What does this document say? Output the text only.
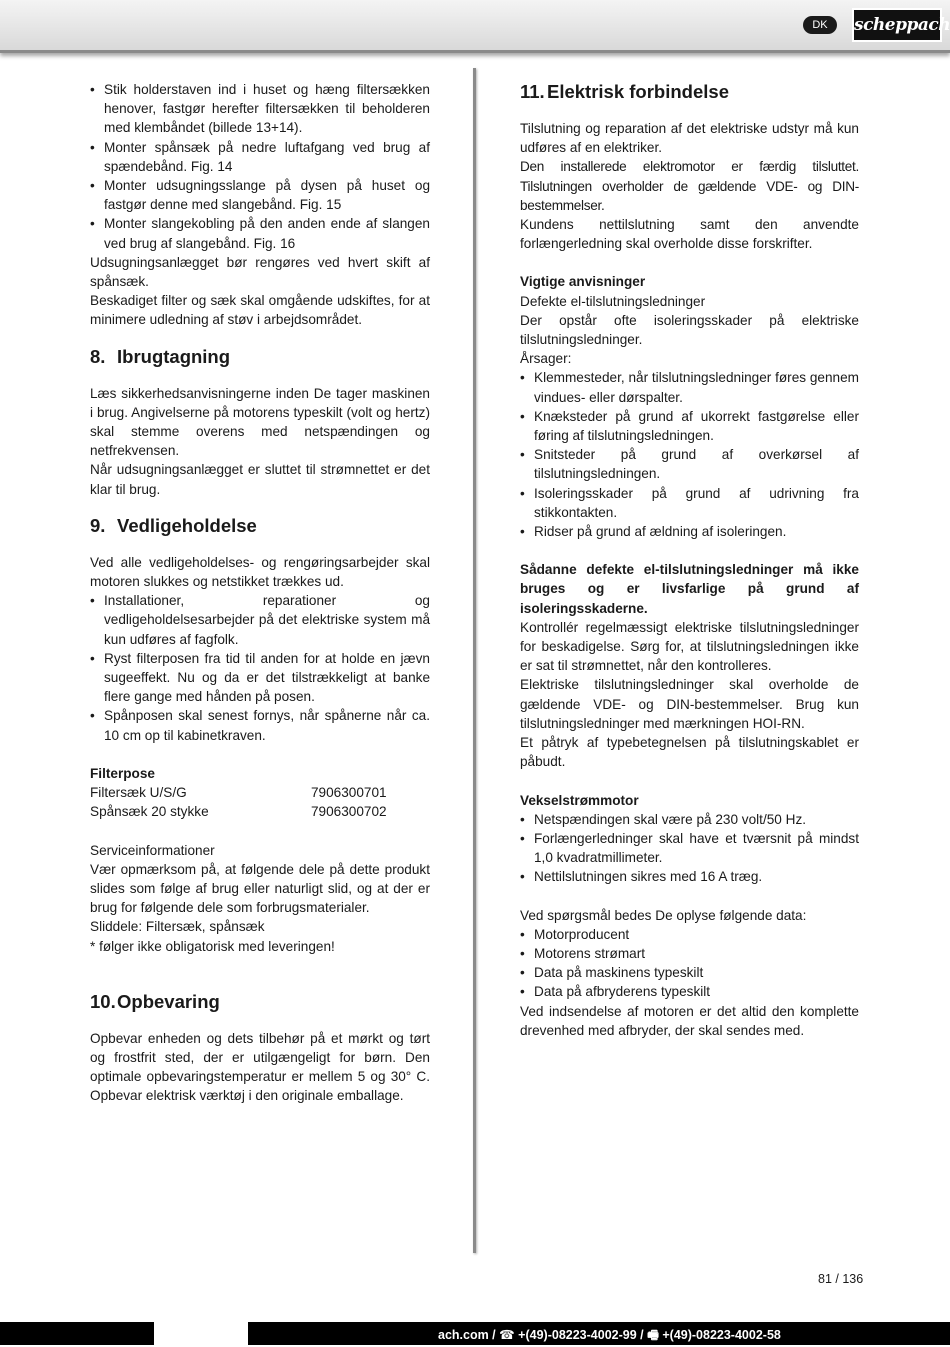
DK	scheppach
• Stik holderstaven ind i huset og hæng filtersækken henover, fastgør herefter filtersækken til beholderen med klembåndet (billede 13+14).
• Monter spånsæk på nedre luftafgang ved brug af spændebånd. Fig. 14
• Monter udsugningsslange på dysen på huset og fastgør denne med slangebånd. Fig. 15
• Monter slangekobling på den anden ende af slangen ved brug af slangebånd. Fig. 16

Udsugningsanlægget bør rengøres ved hvert skift af spånsæk.

Beskadiget filter og sæk skal omgående udskiftes, for at minimere udledning af støv i arbejdsområdet.

8. Ibrugtagning

Læs sikkerhedsanvisningerne inden De tager maskinen i brug. Angivelserne på motorens typeskilt (volt og hertz) skal stemme overens med netspændingen og netfrekvensen.

Når udsugningsanlægget er sluttet til strømnettet er det klar til brug.

9. Vedligeholdelse

Ved alle vedligeholdelses- og rengøringsarbejder skal motoren slukkes og netstikket trækkes ud.

• Installationer, reparationer og vedligeholdelsesarbejder på det elektriske system må kun udføres af fagfolk.
• Ryst filterposen fra tid til anden for at holde en jævn sugeeffekt. Nu og da er det tilstrækkeligt at banke flere gange med hånden på posen.
• Spånposen skal senest fornys, når spånerne når ca. 10 cm op til kabinetkraven.

Filterpose

Filtersæk U/S/G	7906300701
Spånsæk 20 stykke	7906300702

Serviceinformationer

Vær opmærksom på, at følgende dele på dette produkt slides som følge af brug eller naturligt slid, og at der er brug for følgende dele som forbrugsmaterialer.

Sliddele: Filtersæk, spånsæk

* følger ikke obligatorisk med leveringen!

10.Opbevaring

Opbevar enheden og dets tilbehør på et mørkt og tørt og frostfrit sted, der er utilgængeligt for børn. Den optimale opbevaringstemperatur er mellem 5 og 30° C. Opbevar elektrisk værktøj i den originale emballage.

11. Elektrisk forbindelse

Tilslutning og reparation af det elektriske udstyr må kun udføres af en elektriker.

Den installerede elektromotor er færdig tilsluttet. Tilslutningen overholder de gældende VDE- og DIN-bestemmelser.

Kundens nettilslutning samt den anvendte forlængerledning skal overholde disse forskrifter.

Vigtige anvisninger

Defekte el-tilslutningsledninger

Der opstår ofte isoleringsskader på elektriske tilslutningsledninger.

Årsager:

• Klemmesteder, når tilslutningsledninger føres gennem vindues- eller dørspalter.
• Knæksteder på grund af ukorrekt fastgørelse eller føring af tilslutningsledningen.
• Snitsteder på grund af overkørsel af tilslutningsledningen.
• Isoleringsskader på grund af udrivning fra stikkontakten.
• Ridser på grund af ældning af isoleringen.

Sådanne defekte el-tilslutningsledninger må ikke bruges og er livsfarlige på grund af isoleringsskaderne.

Kontrollér regelmæssigt elektriske tilslutningsledninger for beskadigelse. Sørg for, at tilslutningsledningen ikke er sat til strømnettet, når den kontrolleres.

Elektriske tilslutningsledninger skal overholde de gældende VDE- og DIN-bestemmelser. Brug kun tilslutningsledninger med mærkningen HOI-RN.

Et påtryk af typebetegnelsen på tilslutningskablet er påbudt.

Vekselstrømmotor

• Netspændingen skal være på 230 volt/50 Hz.
• Forlængerledninger skal have et tværsnit på mindst 1,0 kvadratmillimeter.
• Nettilslutningen sikres med 16 A træg.

Ved spørgsmål bedes De oplyse følgende data:

• Motorproducent
• Motorens strømart
• Data på maskinens typeskilt
• Data på afbryderens typeskilt

Ved indsendelse af motoren er det altid den komplette drevenhed med afbryder, der skal sendes med.

81 / 136
ach.com / ☎ +(49)-08223-4002-99 / 🖷 +(49)-08223-4002-58
